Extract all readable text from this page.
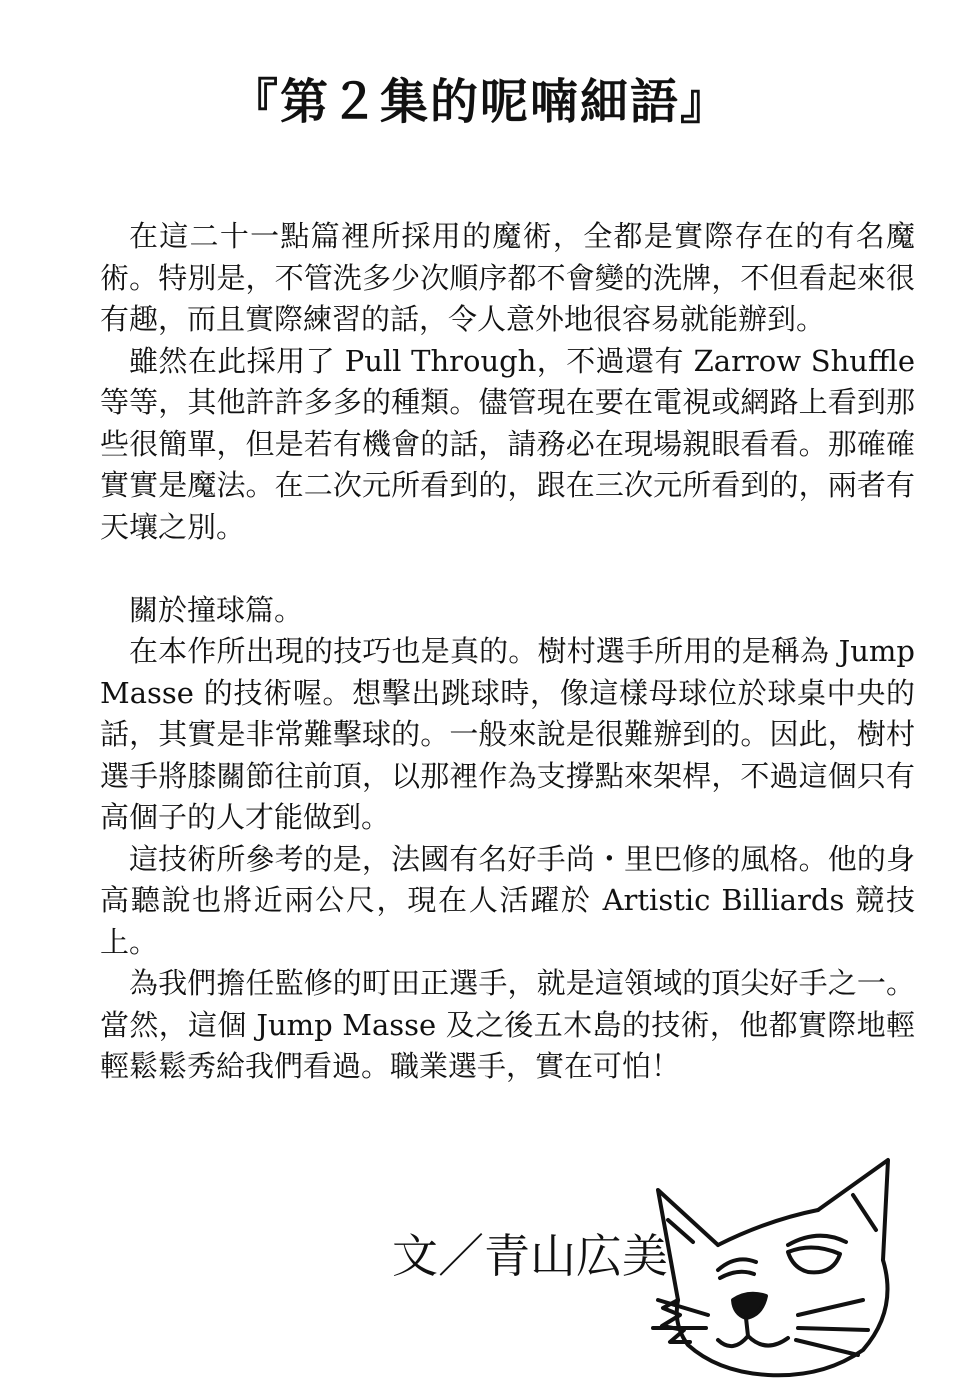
『第２集的呢喃細語』

在這二十一點篇裡所採用的魔術，全都是實際存在的有名魔術。特別是，不管洗多少次順序都不會變的洗牌，不但看起來很有趣，而且實際練習的話，令人意外地很容易就能辦到。

雖然在此採用了 Pull Through，不過還有 Zarrow Shuffle 等等，其他許許多多的種類。儘管現在要在電視或網路上看到那些很簡單，但是若有機會的話，請務必在現場親眼看看。那確確實實是魔法。在二次元所看到的，跟在三次元所看到的，兩者有天壤之別。

關於撞球篇。

在本作所出現的技巧也是真的。樹村選手所用的是稱為 Jump Masse 的技術喔。想擊出跳球時，像這樣母球位於球桌中央的話，其實是非常難擊球的。一般來說是很難辦到的。因此，樹村選手將膝關節往前頂，以那裡作為支撐點來架桿，不過這個只有高個子的人才能做到。

這技術所參考的是，法國有名好手尚・里巴修的風格。他的身高聽說也將近兩公尺，現在人活躍於 Artistic Billiards 競技上。

為我們擔任監修的町田正選手，就是這領域的頂尖好手之一。當然，這個 Jump Masse 及之後五木島的技術，他都實際地輕輕鬆鬆秀給我們看過。職業選手，實在可怕！

文／青山広美
